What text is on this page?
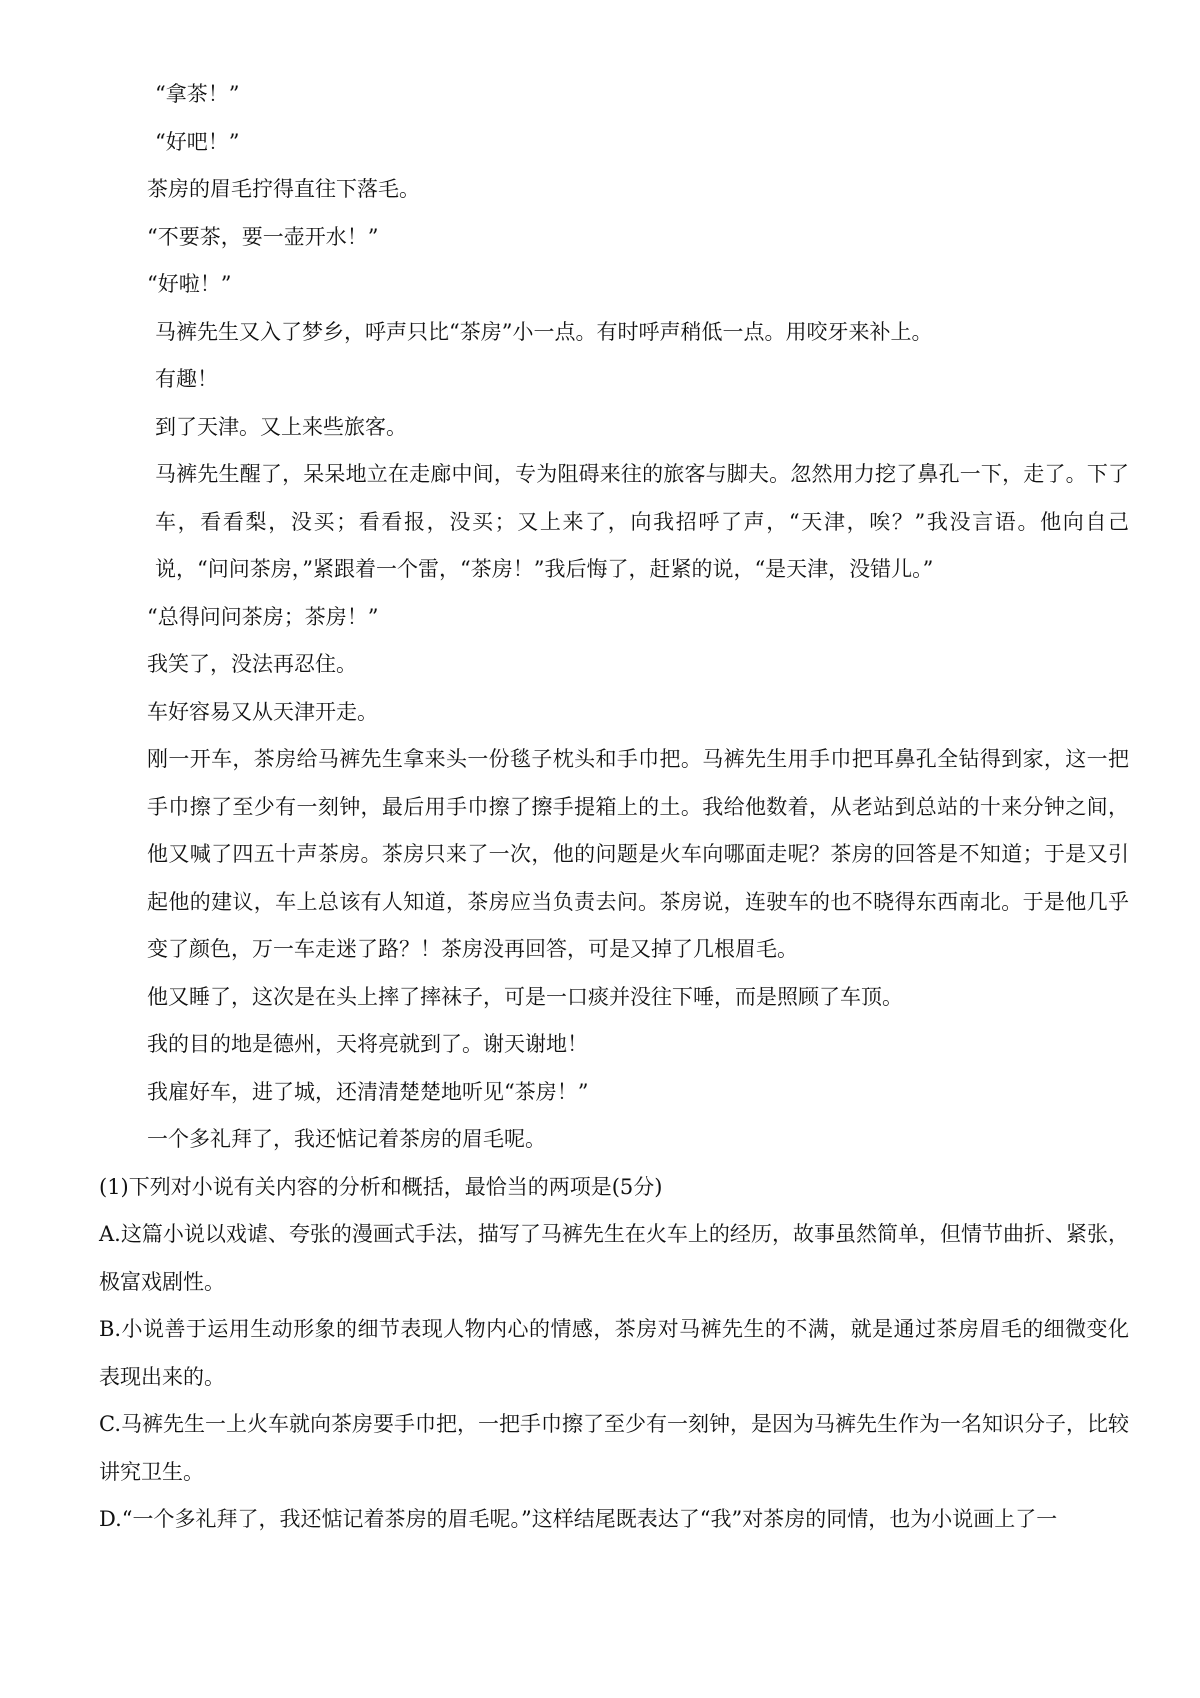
“拿茶！”

“好吧！”

茶房的眉毛拧得直往下落毛。

“不要茶，要一壶开水！”

“好啦！”

马裤先生又入了梦乡，呼声只比“茶房”小一点。有时呼声稍低一点。用咬牙来补上。

有趣！

到了天津。又上来些旅客。

马裤先生醒了，呆呆地立在走廊中间，专为阻碍来往的旅客与脚夫。忽然用力挖了鼻孔一下，走了。下了车，看看梨，没买；看看报，没买；又上来了，向我招呼了声，“天津，唉？”我没言语。他向自己说，“问问茶房，”紧跟着一个雷，“茶房！”我后悔了，赶紧的说，“是天津，没错儿。”

“总得问问茶房；茶房！”

我笑了，没法再忍住。

车好容易又从天津开走。

刚一开车，茶房给马裤先生拿来头一份毯子枕头和手巾把。马裤先生用手巾把耳鼻孔全钻得到家，这一把手巾擦了至少有一刻钟，最后用手巾擦了擦手提箱上的土。我给他数着，从老站到总站的十来分钟之间，他又喊了四五十声茶房。茶房只来了一次，他的问题是火车向哪面走呢？茶房的回答是不知道；于是又引起他的建议，车上总该有人知道，茶房应当负责去问。茶房说，连驶车的也不晓得东西南北。于是他几乎变了颜色，万一车走迷了路？！茶房没再回答，可是又掉了几根眉毛。

他又睡了，这次是在头上摔了摔袜子，可是一口痰并没往下唾，而是照顾了车顶。

我的目的地是德州，天将亮就到了。谢天谢地！

我雇好车，进了城，还清清楚楚地听见“茶房！”

一个多礼拜了，我还惦记着茶房的眉毛呢。

(1)下列对小说有关内容的分析和概括，最恰当的两项是(5分)

A.这篇小说以戏谑、夸张的漫画式手法，描写了马裤先生在火车上的经历，故事虽然简单，但情节曲折、紧张，极富戏剧性。

B.小说善于运用生动形象的细节表现人物内心的情感，茶房对马裤先生的不满，就是通过茶房眉毛的细微变化表现出来的。

C.马裤先生一上火车就向茶房要手巾把，一把手巾擦了至少有一刻钟，是因为马裤先生作为一名知识分子，比较讲究卫生。

D.“一个多礼拜了，我还惦记着茶房的眉毛呢。”这样结尾既表达了“我”对茶房的同情，也为小说画上了一
